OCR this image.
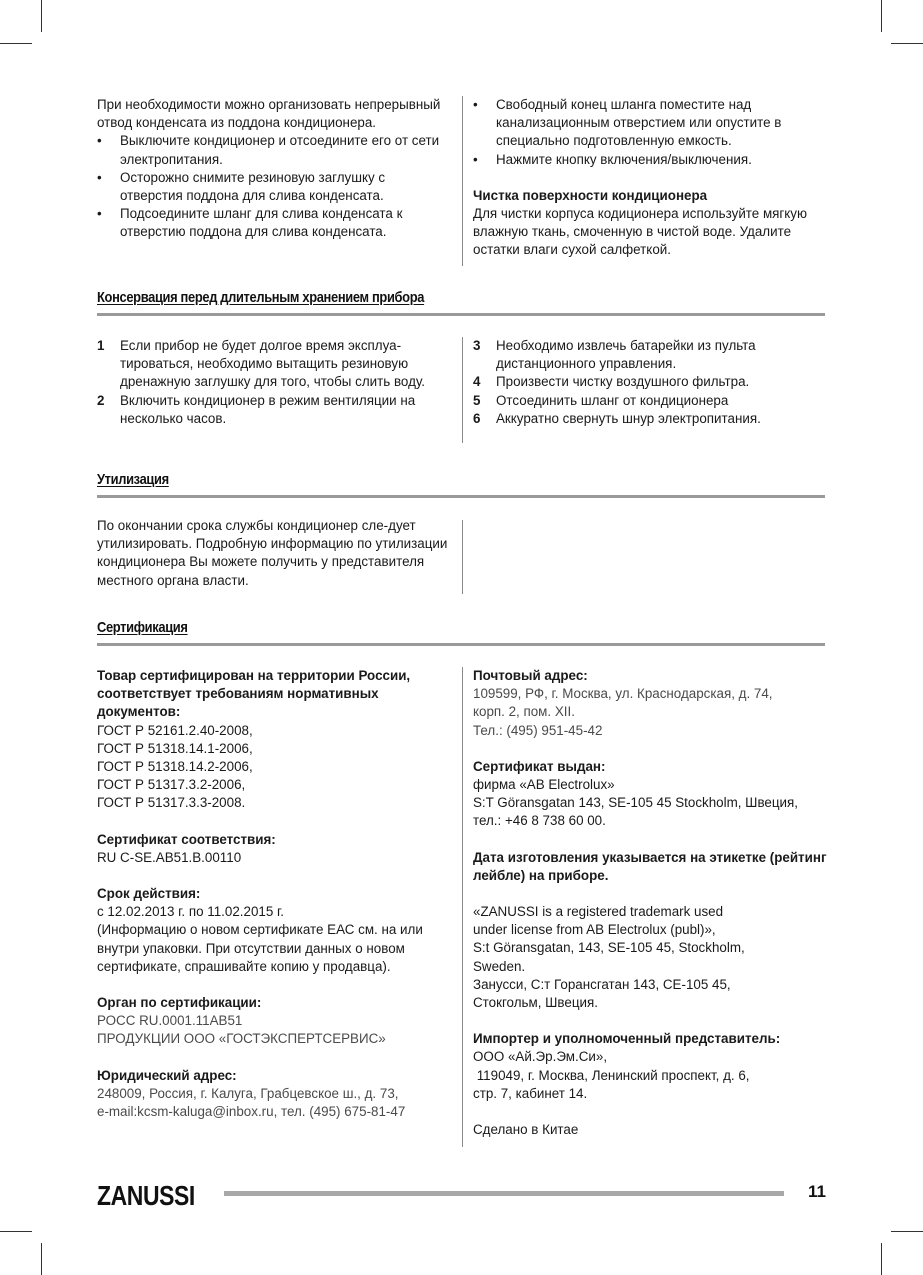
При необходимости можно организовать непрерывный отвод конденсата из поддона кондиционера.

•	Выключите кондиционер и отсоедините его от сети электропитания.
•	Осторожно снимите резиновую заглушку с отверстия поддона для слива конденсата.
•	Подсоедините шланг для слива конденсата к отверстию поддона для слива конденсата.
•	Свободный конец шланга поместите над канализационным отверстием или опустите в специально подготовленную емкость.
•	Нажмите кнопку включения/выключения.

Чистка поверхности кондиционера

Для чистки корпуса кодиционера используйте мягкую влажную ткань, смоченную в чистой воде. Удалите остатки влаги сухой салфеткой.

Консервация перед длительным хранением прибора
1	Если прибор не будет долгое время эксплуа-тироваться, необходимо вытащить резиновую дренажную заглушку для того, чтобы слить воду.
2	Включить кондиционер в режим вентиляции на несколько часов.
3	Необходимо извлечь батарейки из пульта дистанционного управления.
4	Произвести чистку воздушного фильтра.
5	Отсоединить шланг от кондиционера
6	Аккуратно свернуть шнур электропитания.
Утилизация

По окончании срока службы кондиционер сле-дует утилизировать. Подробную информацию по утилизации кондиционера Вы можете получить у представителя местного органа власти.

Сертификация

Товар сертифицирован на территории России, соответствует требованиям нормативных документов:

ГОСТ Р 52161.2.40-2008,

ГОСТ Р 51318.14.1-2006,

ГОСТ Р 51318.14.2-2006,

ГОСТ Р 51317.3.2-2006,

ГОСТ Р 51317.3.3-2008.

Сертификат соответствия:

RU C-SE.AB51.B.00110

Срок действия:

с 12.02.2013 г. по 11.02.2015 г.

(Информацию о новом сертификате ЕАС см. на или внутри упаковки. При отсутствии данных о новом сертификате, спрашивайте копию у продавца).

Орган по сертификации:

РОСС RU.0001.11АВ51

ПРОДУКЦИИ ООО «ГОСТЭКСПЕРТСЕРВИС»

Юридический адрес:

248009, Россия, г. Калуга, Грабцевское ш., д. 73,

e-mail:kcsm-kaluga@inbox.ru, тел. (495) 675-81-47

Почтовый адрес:

109599, РФ, г. Москва, ул. Краснодарская, д. 74,

корп. 2, пом. XII.

Тел.: (495) 951-45-42

Сертификат выдан:

фирма «AB Electrolux»

S:T Göransgatan 143, SE-105 45 Stockholm, Швеция,

тел.: +46 8 738 60 00.

Дата изготовления указывается на этикетке (рейтинг лейбле) на приборе.

«ZANUSSI is a registered trademark used

under license from AB Electrolux (publ)»,

S:t Göransgatan, 143, SE-105 45, Stockholm,

Sweden.

Занусси, С:т Горансгатан 143, СЕ-105 45,

Стокгольм, Швеция.

Импортер и уполномоченный представитель:

ООО «Ай.Эр.Эм.Си»,

119049, г. Москва, Ленинский проспект, д. 6,

стр. 7, кабинет 14.

Сделано в Китае

ZANUSSI	11
